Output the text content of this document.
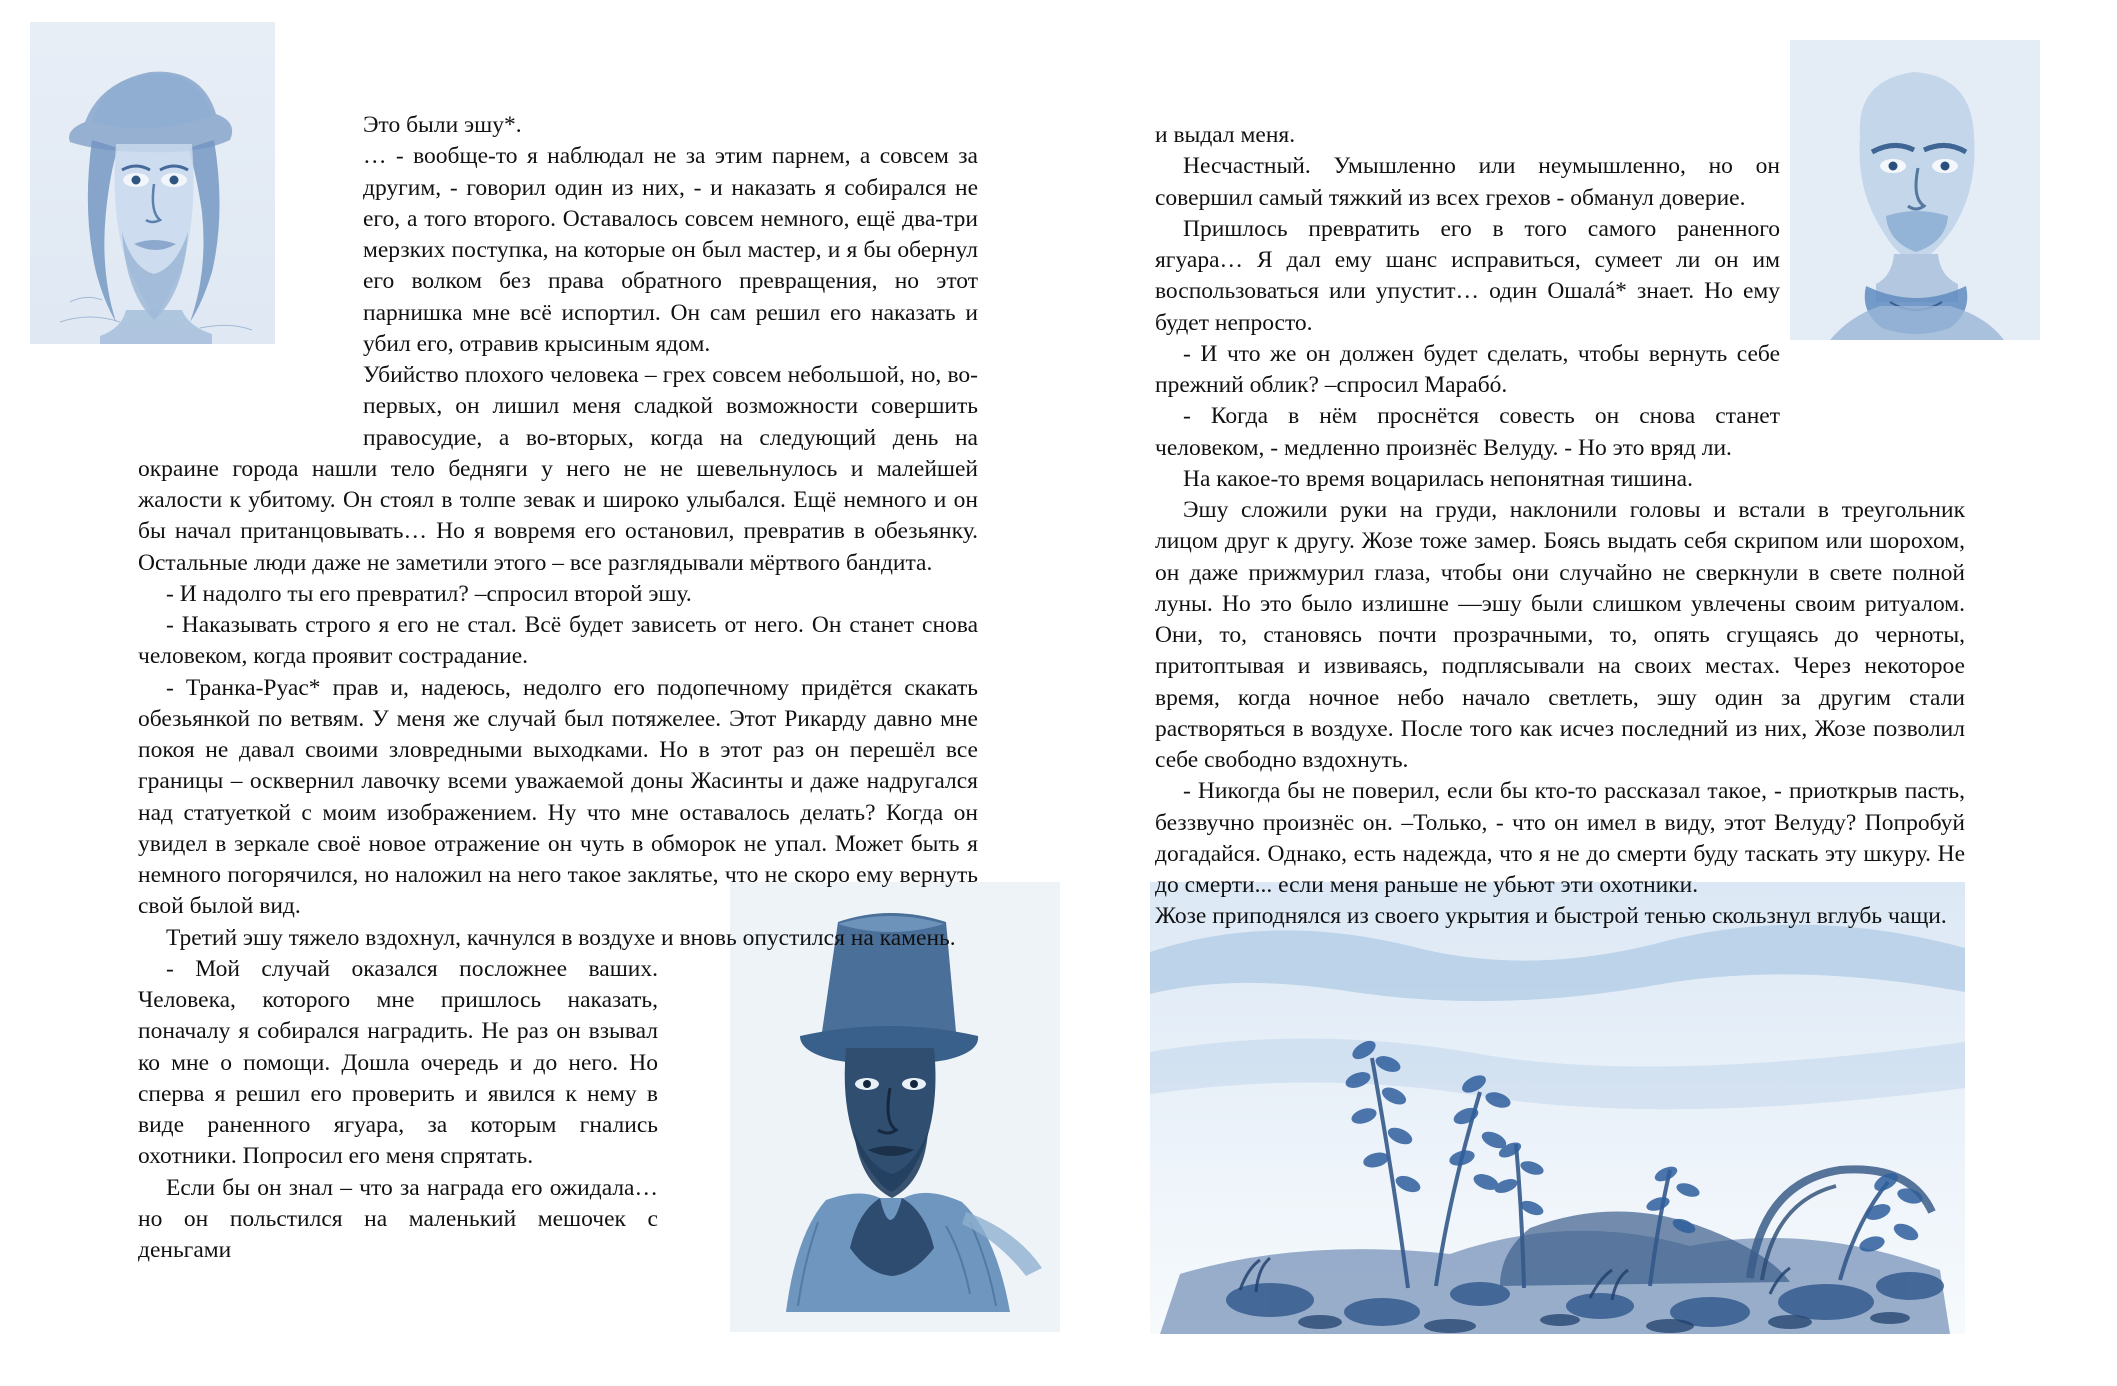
Это были эшу*.

… - вообще-то я наблюдал не за этим парнем, а совсем за другим, - говорил один из них, - и наказать я собирался не его, а того второго. Оставалось совсем немного, ещё два-три мерзких поступка, на которые он был мастер, и я бы обернул его волком без права обратного превращения, но этот парнишка мне всё испортил. Он сам решил его наказать и убил его, отравив крысиным ядом.

Убийство плохого человека – грех совсем небольшой, но, во-первых, он лишил меня сладкой возможности совершить правосудие, а во-вторых, когда на следующий день на окраине города нашли тело бедняги у него не не шевельнулось и малейшей жалости к убитому. Он стоял в толпе зевак и широко улыбался. Ещё немного и он бы начал пританцовывать… Но я вовремя его остановил, превратив в обезьянку. Остальные люди даже не заметили этого – все разглядывали мёртвого бандита.

- И надолго ты его превратил? –спросил второй эшу.

- Наказывать строго я его не стал. Всё будет зависеть от него. Он станет снова человеком, когда проявит сострадание.

- Транка-Руас* прав и, надеюсь, недолго его подопечному придётся скакать обезьянкой по ветвям. У меня же случай был потяжелее. Этот Рикарду давно мне покоя не давал своими зловредными выходками. Но в этот раз он перешёл все границы – осквернил лавочку всеми уважаемой доны Жасинты и даже надругался над статуеткой с моим изображением. Ну что мне оставалось делать? Когда он увидел в зеркале своё новое отражение он чуть в обморок не упал. Может быть я немного погорячился, но наложил на него такое заклятье, что не скоро ему вернуть свой былой вид.

Третий эшу тяжело вздохнул, качнулся в воздухе и вновь опустился на камень.

- Мой случай оказался посложнее ваших. Человека, которого мне пришлось наказать, поначалу я собирался наградить. Не раз он взывал ко мне о помощи. Дошла очередь и до него. Но сперва я решил его проверить и явился к нему в виде раненного ягуара, за которым гнались охотники. Попросил его меня спрятать.

Если бы он знал – что за награда его ожидала… но он польстился на маленький мешочек с деньгами

и выдал меня.

Несчастный. Умышленно или неумышленно, но он совершил самый тяжкий из всех грехов - обманул доверие.

Пришлось превратить его в того самого раненного ягуара… Я дал ему шанс исправиться, сумеет ли он им воспользоваться или упустит… один Ошалá* знает. Но ему будет непросто.

- И что же он должен будет сделать, чтобы вернуть себе прежний облик? –спросил Марабó.

- Когда в нём проснётся совесть он снова станет человеком, - медленно произнёс Велуду. - Но это вряд ли.

На какое-то время воцарилась непонятная тишина.

Эшу сложили руки на груди, наклонили головы и встали в треугольник лицом друг к другу. Жозе тоже замер. Боясь выдать себя скрипом или шорохом, он даже прижмурил глаза, чтобы они случайно не сверкнули в свете полной луны. Но это было излишне ––эшу были слишком увлечены своим ритуалом. Они, то, становясь почти прозрачными, то, опять сгущаясь до черноты, притоптывая и извиваясь, подплясывали на своих местах. Через некоторое время, когда ночное небо начало светлеть, эшу один за другим стали растворяться в воздухе. После того как исчез последний из них, Жозе позволил себе свободно вздохнуть.

- Никогда бы не поверил, если бы кто-то рассказал такое, - приоткрыв пасть, беззвучно произнёс он. –Только, - что он имел в виду, этот Велуду? Попробуй догадайся. Однако, есть надежда, что я не до смерти буду таскать эту шкуру. Не до смерти... если меня раньше не убьют эти охотники.

Жозе приподнялся из своего укрытия и быстрой тенью скользнул вглубь чащи.
